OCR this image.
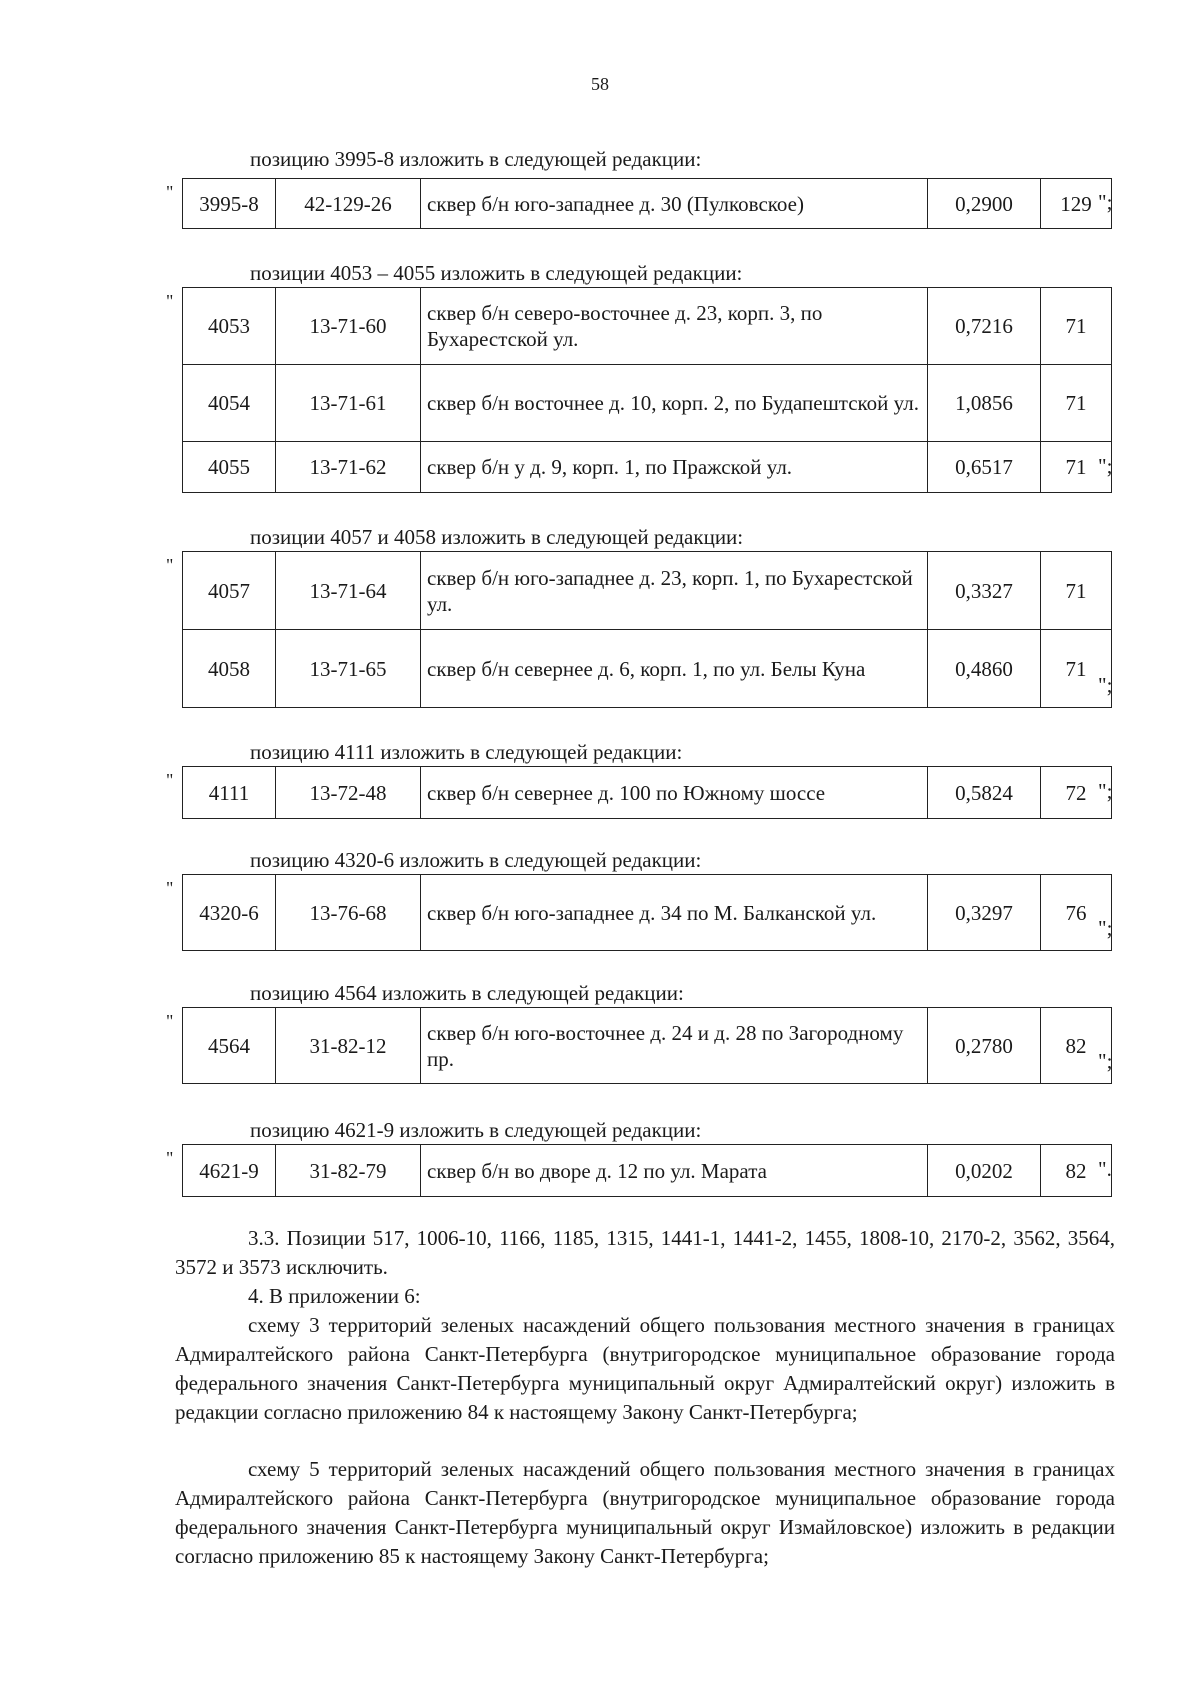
58
позицию 3995-8 изложить в следующей редакции:
" 3995-8	42-129-26	сквер б/н юго-западнее д. 30 (Пулковское)	0,2900	129 ";
позиции 4053 – 4055 изложить в следующей редакции:
"
4053	13-71-60	сквер б/н северо-восточнее д. 23, корп. 3, по Бухарестской ул.	0,7216	71
4054	13-71-61	сквер б/н восточнее д. 10, корп. 2, по Будапештской ул.	1,0856	71
4055	13-71-62	сквер б/н у д. 9, корп. 1, по Пражской ул.	0,6517	71 ";
позиции 4057 и 4058 изложить в следующей редакции:
"
4057	13-71-64	сквер б/н юго-западнее д. 23, корп. 1, по Бухарестской ул.	0,3327	71
4058	13-71-65	сквер б/н севернее д. 6, корп. 1, по ул. Белы Куна	0,4860	71
";
позицию 4111 изложить в следующей редакции:
"
4111	13-72-48	сквер б/н севернее д. 100 по Южному шоссе	0,5824	72 ";
позицию 4320-6 изложить в следующей редакции:
"
4320-6	13-76-68	сквер б/н юго-западнее д. 34 по М. Балканской ул.	0,3297	76
";
позицию 4564 изложить в следующей редакции:
"
4564	31-82-12	сквер б/н юго-восточнее д. 24 и д. 28 по Загородному пр.	0,2780	82
";
позицию 4621-9 изложить в следующей редакции:
"
4621-9	31-82-79	сквер б/н во дворе д. 12 по ул. Марата	0,0202	82 ".
3.3. Позиции 517, 1006-10, 1166, 1185, 1315, 1441-1, 1441-2, 1455, 1808-10, 2170-2, 3562, 3564, 3572 и 3573 исключить.
4. В приложении 6:
схему 3 территорий зеленых насаждений общего пользования местного значения в границах Адмиралтейского района Санкт-Петербурга (внутригородское муниципальное образование города федерального значения Санкт-Петербурга муниципальный округ Адмиралтейский округ) изложить в редакции согласно приложению 84 к настоящему Закону Санкт-Петербурга;
схему 5 территорий зеленых насаждений общего пользования местного значения в границах Адмиралтейского района Санкт-Петербурга (внутригородское муниципальное образование города федерального значения Санкт-Петербурга муниципальный округ Измайловское) изложить в редакции согласно приложению 85 к настоящему Закону Санкт-Петербурга;
